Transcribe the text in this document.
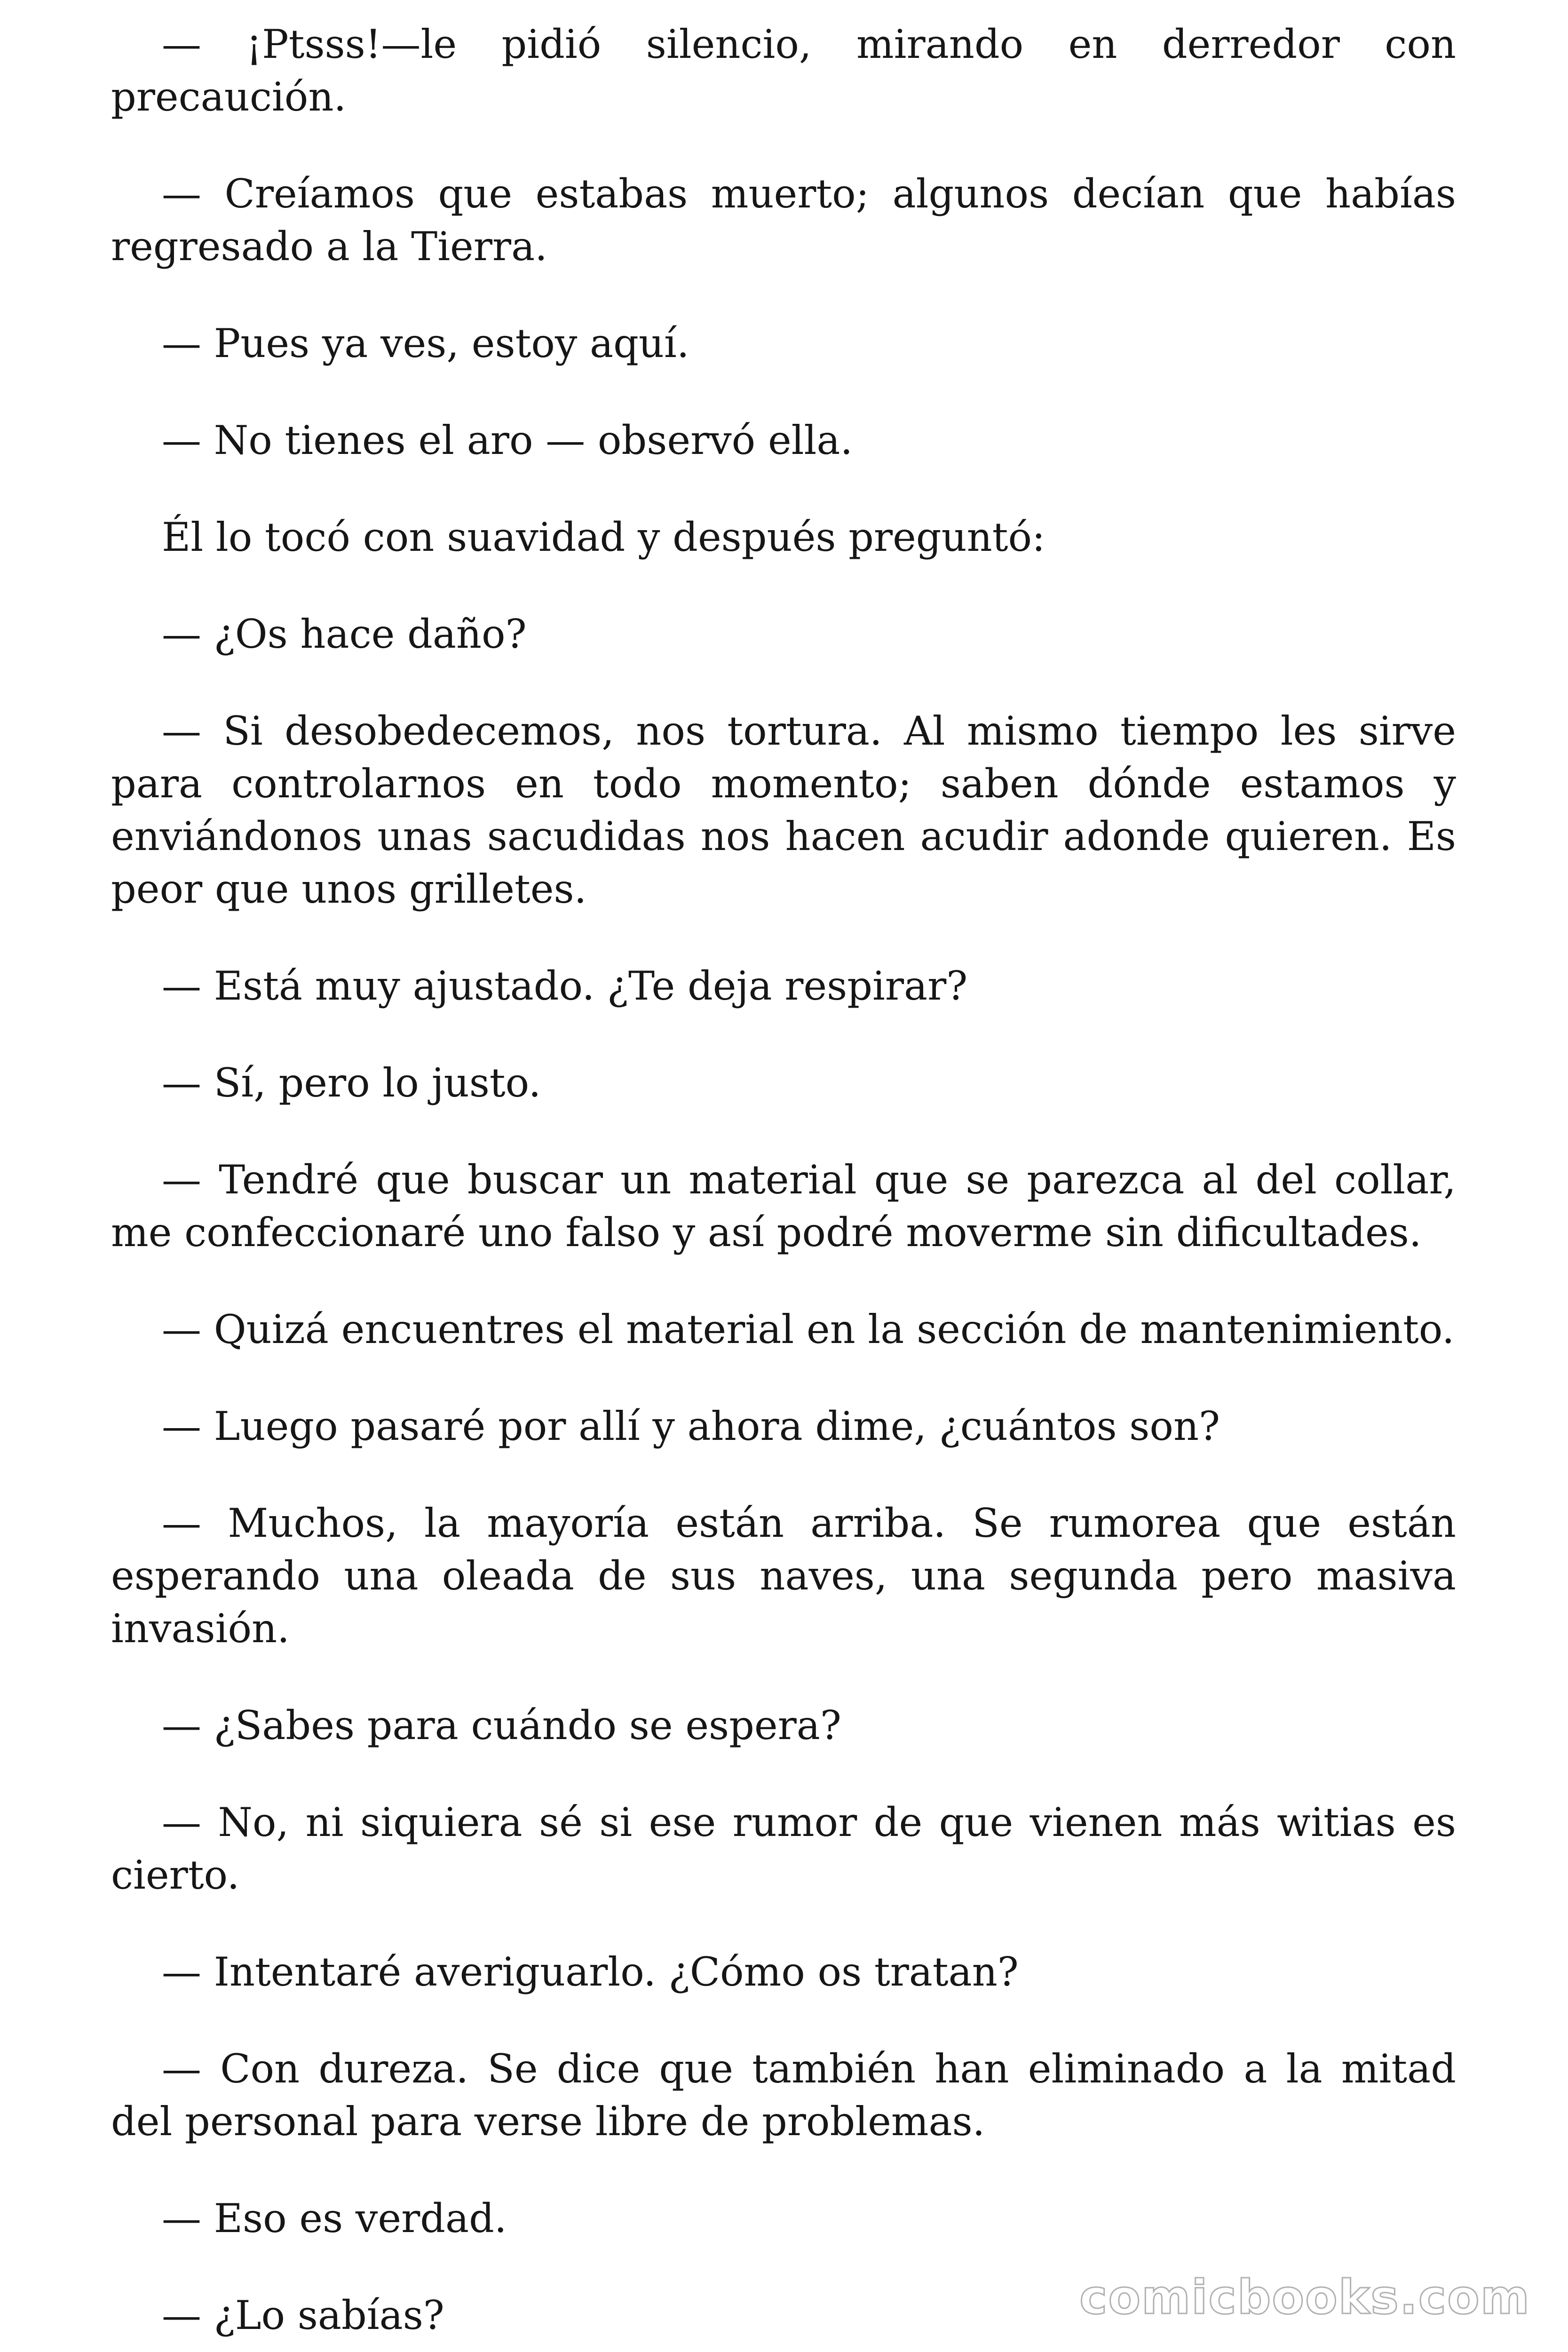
— ¡Ptsss!—le pidió silencio, mirando en derredor con precaución.

— Creíamos que estabas muerto; algunos decían que habías regresado a la Tierra.

— Pues ya ves, estoy aquí.

— No tienes el aro — observó ella.

Él lo tocó con suavidad y después preguntó:

— ¿Os hace daño?

— Si desobedecemos, nos tortura. Al mismo tiempo les sirve para controlarnos en todo momento; saben dónde estamos y enviándonos unas sacudidas nos hacen acudir adonde quieren. Es peor que unos grilletes.

— Está muy ajustado. ¿Te deja respirar?

— Sí, pero lo justo.

— Tendré que buscar un material que se parezca al del collar, me confeccionaré uno falso y así podré moverme sin dificultades.

— Quizá encuentres el material en la sección de mantenimiento.

— Luego pasaré por allí y ahora dime, ¿cuántos son?

— Muchos, la mayoría están arriba. Se rumorea que están esperando una oleada de sus naves, una segunda pero masiva invasión.

— ¿Sabes para cuándo se espera?

— No, ni siquiera sé si ese rumor de que vienen más witias es cierto.

— Intentaré averiguarlo. ¿Cómo os tratan?

— Con dureza. Se dice que también han eliminado a la mitad del personal para verse libre de problemas.

— Eso es verdad.

— ¿Lo sabías?	comicbooks.com
